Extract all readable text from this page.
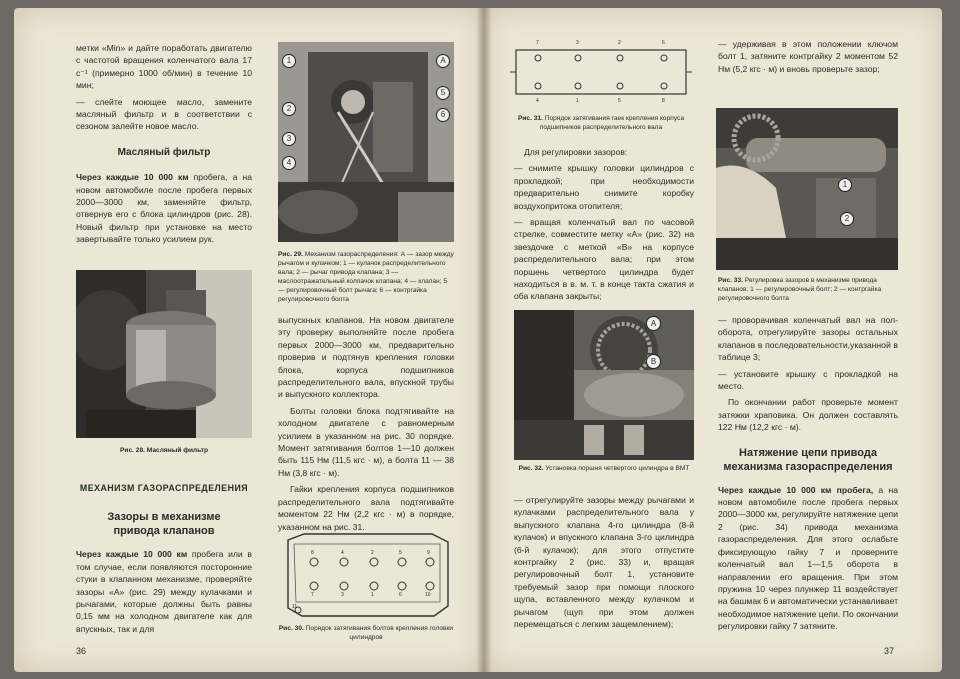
метки «Min» и дайте поработать двигателю с частотой вращения коленчатого вала 17 с⁻¹ (примерно 1000 об/мин) в течение 10 мин;

— слейте моющее масло, замените масляный фильтр и в соответствии с сезоном залейте новое масло.

Масляный фильтр

Через каждые 10 000 км пробега, а на новом автомобиле после пробега первых 2000—3000 км, заменяйте фильтр, отвернув его с блока цилиндров (рис. 28). Новый фильтр при установке на место завертывайте только усилием рук.

Рис. 28. Масляный фильтр
МЕХАНИЗМ ГАЗОРАСПРЕДЕЛЕНИЯ
Зазоры в механизме
привода клапанов

Через каждые 10 000 км пробега или в том случае, если появляются посторонние стуки в клапанном механизме, проверяйте зазоры «А» (рис. 29) между кулачками и рычагами, которые должны быть равны 0,15 мм на холодном двигателе как для впускных, так и для

36
1
2
3
4
А
5
6
Рис. 29. Механизм газораспределения: А — зазор между рычагом и кулачком; 1 — кулачок распределительного вала; 2 — рычаг привода клапана; 3 — маслоотражательный колпачок клапана; 4 — клапан; 5 — регулировочный болт рычага; 6 — контргайка регулировочного болта

выпускных клапанов. На новом двигателе эту проверку выполняйте после пробега первых 2000—3000 км, предварительно проверив и подтянув крепления головки блока, корпуса подшипников распределительного вала, впускной трубы и выпускного коллектора.

Болты головки блока подтягивайте на холодном двигателе с равномерным усилием в указанном на рис. 30 порядке. Момент затягивания болтов 1—10 должен быть 115 Нм (11,5 кгс · м), а болта 11 — 38 Нм (3,8 кгс · м).

Гайки крепления корпуса подшипников распределительного вала подтягивайте моментом 22 Нм (2,2 кгс · м) в порядке, указанном на рис. 31.

8	4	2	5	9
7	3	1	6	10
11
Рис. 30. Порядок затягивания болтов крепления головки цилиндров
7	3	2	6
4	1	5	8
Рис. 31. Порядок затягивания гаек крепления корпуса подшипников распределительного вала

Для регулировки зазоров:

— снимите крышку головки цилиндров с прокладкой; при необходимости предварительно снимите коробку воздухопритока отопителя;

— вращая коленчатый вал по часовой стрелке, совместите метку «А» (рис. 32) на звездочке с меткой «В» на корпусе распределительного вала; при этом поршень четвертого цилиндра будет находиться в в. м. т. в конце такта сжатия и оба клапана закрыты;

А
В
Рис. 32. Установка поршня четвертого цилиндра в ВМТ

— отрегулируйте зазоры между рычагами и кулачками распределительного вала у выпускного клапана 4-го цилиндра (8-й кулачок) и впускного клапана 3-го цилиндра (6-й кулачок); для этого отпустите контргайку 2 (рис. 33) и, вращая регулировочный болт 1, установите требуемый зазор при помощи плоского щупа, вставленного между кулачком и рычагом (щуп при этом должен перемещаться с легким защемлением);

— удерживая в этом положении ключом болт 1, затяните контргайку 2 моментом 52 Нм (5,2 кгс · м) и вновь проверьте зазор;

1
2
Рис. 33. Регулировка зазоров в механизме привода клапанов: 1 — регулировочный болт; 2 — контргайка регулировочного болта

— проворачивая коленчатый вал на пол-оборота, отрегулируйте зазоры остальных клапанов в последовательности,указанной в таблице 3;

— установите крышку с прокладкой на место.

По окончании работ проверьте момент затяжки храповика. Он должен составлять 122 Нм (12,2 кгс · м).

Натяжение цепи привода
механизма газораспределения

Через каждые 10 000 км пробега, а на новом автомобиле после пробега первых 2000—3000 км, регулируйте натяжение цепи 2 (рис. 34) привода механизма газораспределения. Для этого ослабьте фиксирующую гайку 7 и проверните коленчатый вал 1—1,5 оборота в направлении его вращения. При этом пружина 10 через плунжер 11 воздействует на башмак 6 и автоматически устанавливает необходимое натяжение цепи. По окончании регулировки гайку 7 затяните.

37
